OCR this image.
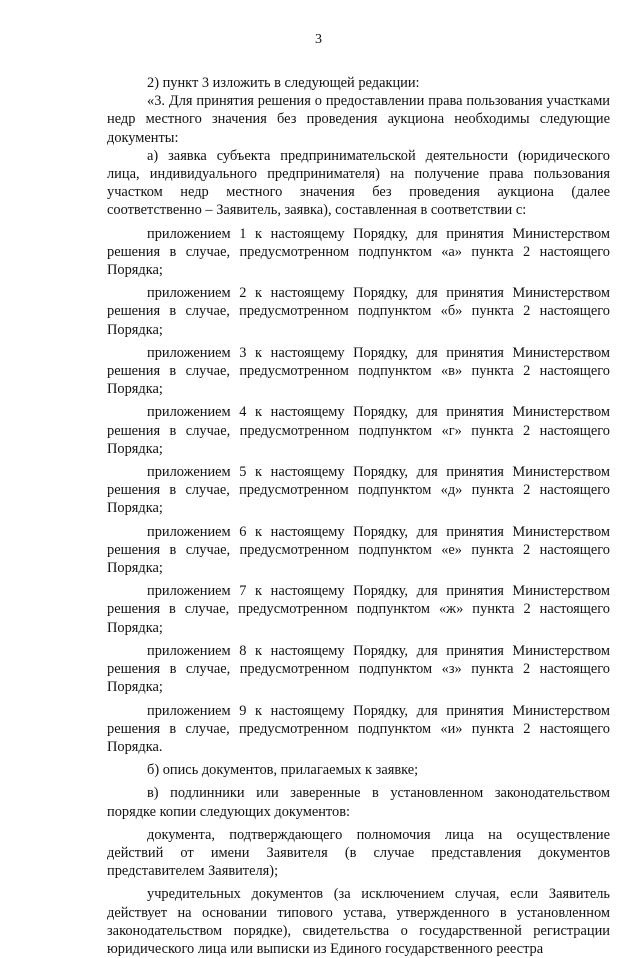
3

2) пункт 3 изложить в следующей редакции:

«3. Для принятия решения о предоставлении права пользования участками недр местного значения без проведения аукциона необходимы следующие документы:

а) заявка субъекта предпринимательской деятельности (юридического лица, индивидуального предпринимателя) на получение права пользования участком недр местного значения без проведения аукциона (далее соответственно – Заявитель, заявка), составленная в соответствии с:

приложением 1 к настоящему Порядку, для принятия Министерством решения в случае, предусмотренном подпунктом «а» пункта 2 настоящего Порядка;

приложением 2 к настоящему Порядку, для принятия Министерством решения в случае, предусмотренном подпунктом «б» пункта 2 настоящего Порядка;

приложением 3 к настоящему Порядку, для принятия Министерством решения в случае, предусмотренном подпунктом «в» пункта 2 настоящего Порядка;

приложением 4 к настоящему Порядку, для принятия Министерством решения в случае, предусмотренном подпунктом «г» пункта 2 настоящего Порядка;

приложением 5 к настоящему Порядку, для принятия Министерством решения в случае, предусмотренном подпунктом «д» пункта 2 настоящего Порядка;

приложением 6 к настоящему Порядку, для принятия Министерством решения в случае, предусмотренном подпунктом «е» пункта 2 настоящего Порядка;

приложением 7 к настоящему Порядку, для принятия Министерством решения в случае, предусмотренном подпунктом «ж» пункта 2 настоящего Порядка;

приложением 8 к настоящему Порядку, для принятия Министерством решения в случае, предусмотренном подпунктом «з» пункта 2 настоящего Порядка;

приложением 9 к настоящему Порядку, для принятия Министерством решения в случае, предусмотренном подпунктом «и» пункта 2 настоящего Порядка.

б) опись документов, прилагаемых к заявке;

в) подлинники или заверенные в установленном законодательством порядке копии следующих документов:

документа, подтверждающего полномочия лица на осуществление действий от имени Заявителя (в случае представления документов представителем Заявителя);

учредительных документов (за исключением случая, если Заявитель действует на основании типового устава, утвержденного в установленном законодательством порядке), свидетельства о государственной регистрации юридического лица или выписки из Единого государственного реестра
